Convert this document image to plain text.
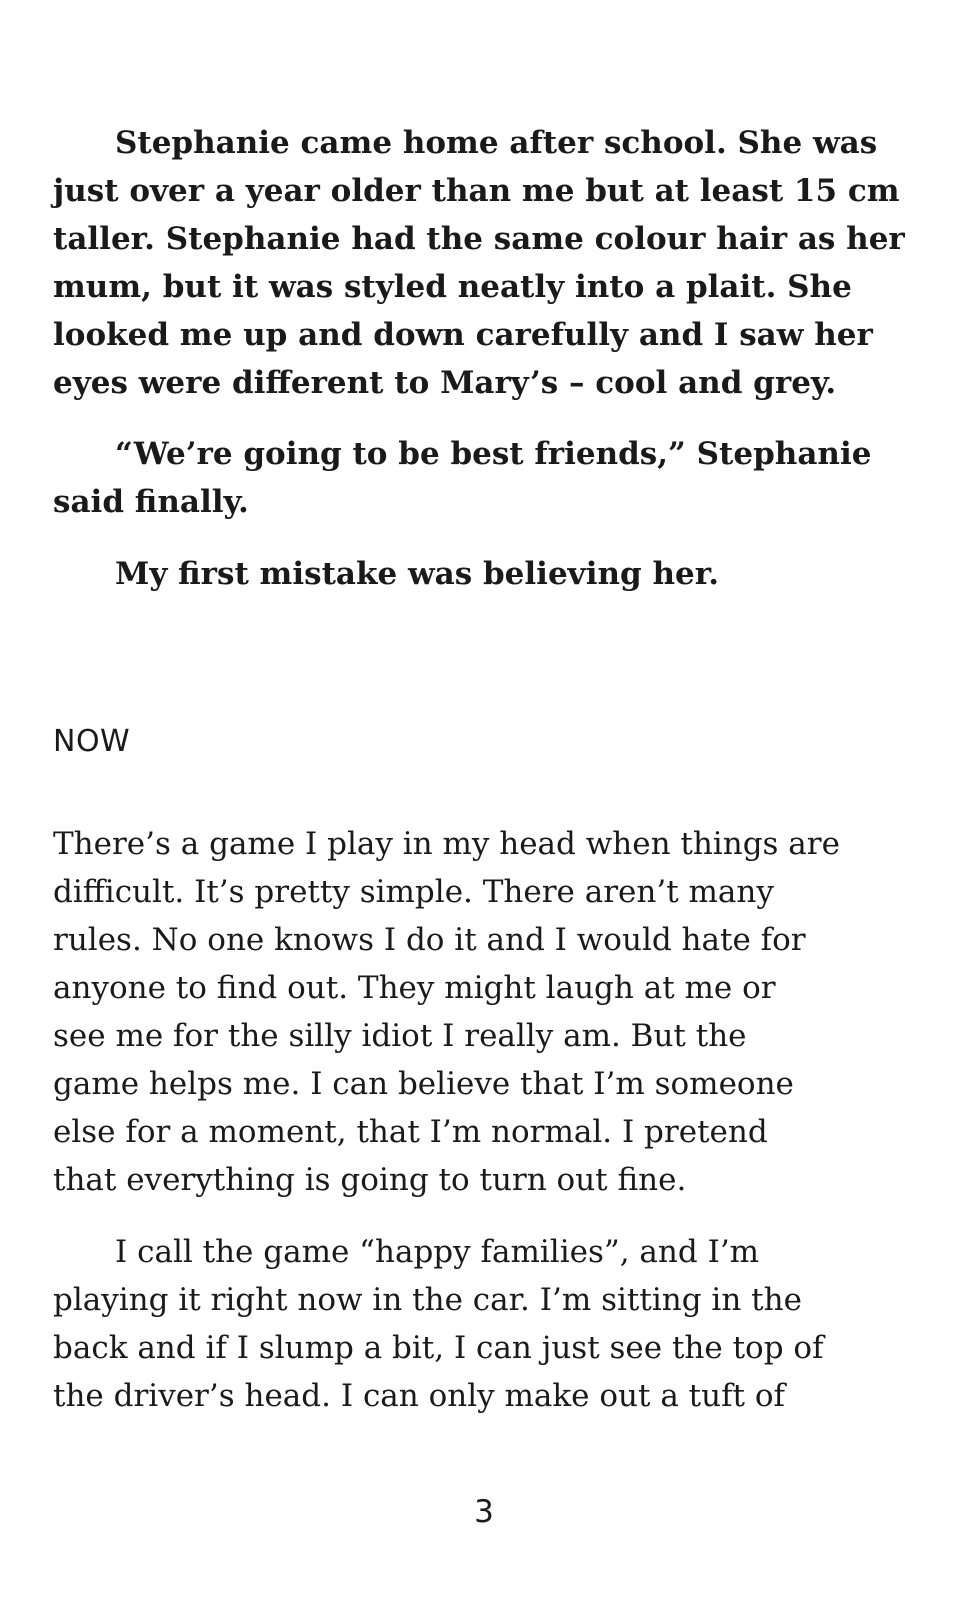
Stephanie came home after school. She was
just over a year older than me but at least 15 cm
taller. Stephanie had the same colour hair as her
mum, but it was styled neatly into a plait. She
looked me up and down carefully and I saw her
eyes were different to Mary’s – cool and grey.

“We’re going to be best friends,” Stephanie
said finally.

My first mistake was believing her.

NOW

There’s a game I play in my head when things are
difficult. It’s pretty simple. There aren’t many
rules. No one knows I do it and I would hate for
anyone to find out. They might laugh at me or
see me for the silly idiot I really am. But the
game helps me. I can believe that I’m someone
else for a moment, that I’m normal. I pretend
that everything is going to turn out fine.

I call the game “happy families”, and I’m
playing it right now in the car. I’m sitting in the
back and if I slump a bit, I can just see the top of
the driver’s head. I can only make out a tuft of

3
